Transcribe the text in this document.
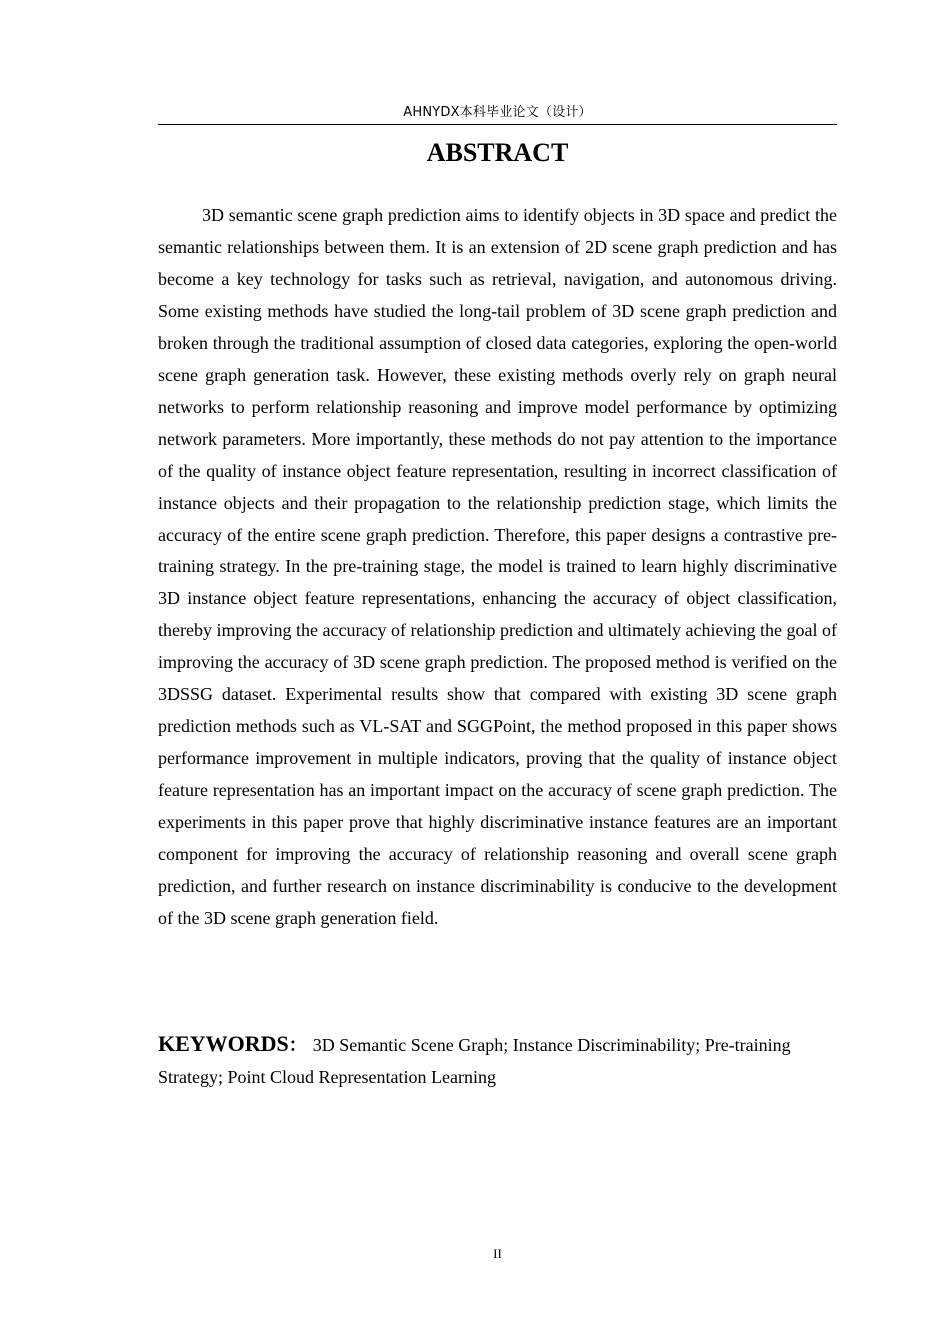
AHNYDX本科毕业论文（设计）
ABSTRACT

3D semantic scene graph prediction aims to identify objects in 3D space and predict the semantic relationships between them. It is an extension of 2D scene graph prediction and has become a key technology for tasks such as retrieval, navigation, and autonomous driving. Some existing methods have studied the long-tail problem of 3D scene graph prediction and broken through the traditional assumption of closed data categories, exploring the open-world scene graph generation task. However, these existing methods overly rely on graph neural networks to perform relationship reasoning and improve model performance by optimizing network parameters. More importantly, these methods do not pay attention to the importance of the quality of instance object feature representation, resulting in incorrect classification of instance objects and their propagation to the relationship prediction stage, which limits the accuracy of the entire scene graph prediction. Therefore, this paper designs a contrastive pre-training strategy. In the pre-training stage, the model is trained to learn highly discriminative 3D instance object feature representations, enhancing the accuracy of object classification, thereby improving the accuracy of relationship prediction and ultimately achieving the goal of improving the accuracy of 3D scene graph prediction. The proposed method is verified on the 3DSSG dataset. Experimental results show that compared with existing 3D scene graph prediction methods such as VL-SAT and SGGPoint, the method proposed in this paper shows performance improvement in multiple indicators, proving that the quality of instance object feature representation has an important impact on the accuracy of scene graph prediction. The experiments in this paper prove that highly discriminative instance features are an important component for improving the accuracy of relationship reasoning and overall scene graph prediction, and further research on instance discriminability is conducive to the development of the 3D scene graph generation field.

KEYWORDS： 3D Semantic Scene Graph; Instance Discriminability; Pre-training Strategy; Point Cloud Representation Learning

II
